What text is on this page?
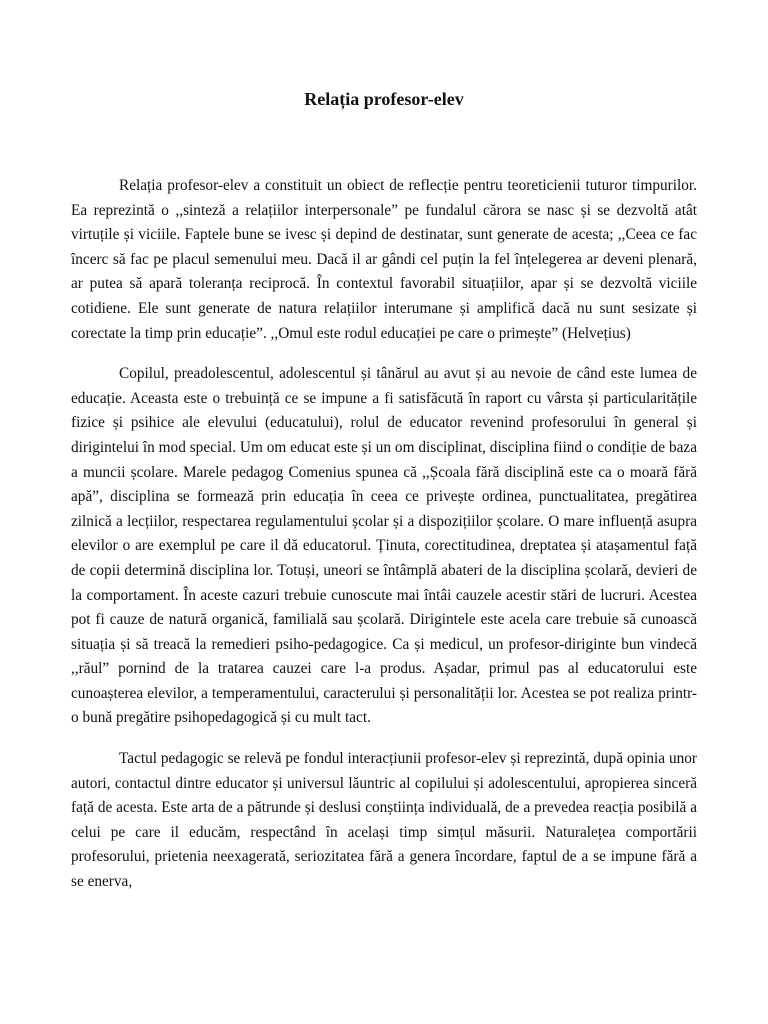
Relația profesor-elev

Relația profesor-elev a constituit un obiect de reflecție pentru teoreticienii tuturor timpurilor. Ea reprezintă o ,,sinteză a relațiilor interpersonale” pe fundalul cărora se nasc și se dezvoltă atât virtuțile și viciile. Faptele bune se ivesc și depind de destinatar, sunt generate de acesta; ,,Ceea ce fac încerc să fac pe placul semenului meu. Dacă il ar gândi cel puțin la fel înțelegerea ar deveni plenară, ar putea să apară toleranța reciprocă. În contextul favorabil situațiilor, apar și se dezvoltă viciile cotidiene. Ele sunt generate de natura relațiilor interumane și amplifică dacă nu sunt sesizate și corectate la timp prin educație”. ,,Omul este rodul educației pe care o primește” (Helvețius)

Copilul, preadolescentul, adolescentul și tânărul au avut și au nevoie de când este lumea de educație. Aceasta este o trebuință ce se impune a fi satisfăcută în raport cu vârsta și particularitățile fizice și psihice ale elevului (educatului), rolul de educator revenind profesorului în general și dirigintelui în mod special. Um om educat este și un om disciplinat, disciplina fiind o condiție de baza a muncii școlare. Marele pedagog Comenius spunea că ,,Școala fără disciplină este ca o moară fără apă”, disciplina se formează prin educația în ceea ce privește ordinea, punctualitatea, pregătirea zilnică a lecțiilor, respectarea regulamentului școlar și a dispozițiilor școlare. O mare influență asupra elevilor o are exemplul pe care il dă educatorul. Ținuta, corectitudinea, dreptatea și atașamentul față de copii determină disciplina lor. Totuși, uneori se întâmplă abateri de la disciplina școlară, devieri de la comportament. În aceste cazuri trebuie cunoscute mai întâi cauzele acestir stări de lucruri. Acestea pot fi cauze de natură organică, familială sau școlară. Dirigintele este acela care trebuie să cunoască situația și să treacă la remedieri psiho-pedagogice. Ca și medicul, un profesor-diriginte bun vindecă ,,răul” pornind de la tratarea cauzei care l-a produs. Așadar, primul pas al educatorului este cunoașterea elevilor, a temperamentului, caracterului și personalității lor. Acestea se pot realiza printr-o bună pregătire psihopedagogică și cu mult tact.

Tactul pedagogic se relevă pe fondul interacțiunii profesor-elev și reprezintă, după opinia unor autori, contactul dintre educator și universul lăuntric al copilului și adolescentului, apropierea sinceră față de acesta. Este arta de a pătrunde și deslusi conștiința individuală, de a prevedea reacția posibilă a celui pe care il educăm, respectând în același timp simțul măsurii. Naturalețea comportării profesorului, prietenia neexagerată, seriozitatea fără a genera încordare, faptul de a se impune fără a se enerva,
